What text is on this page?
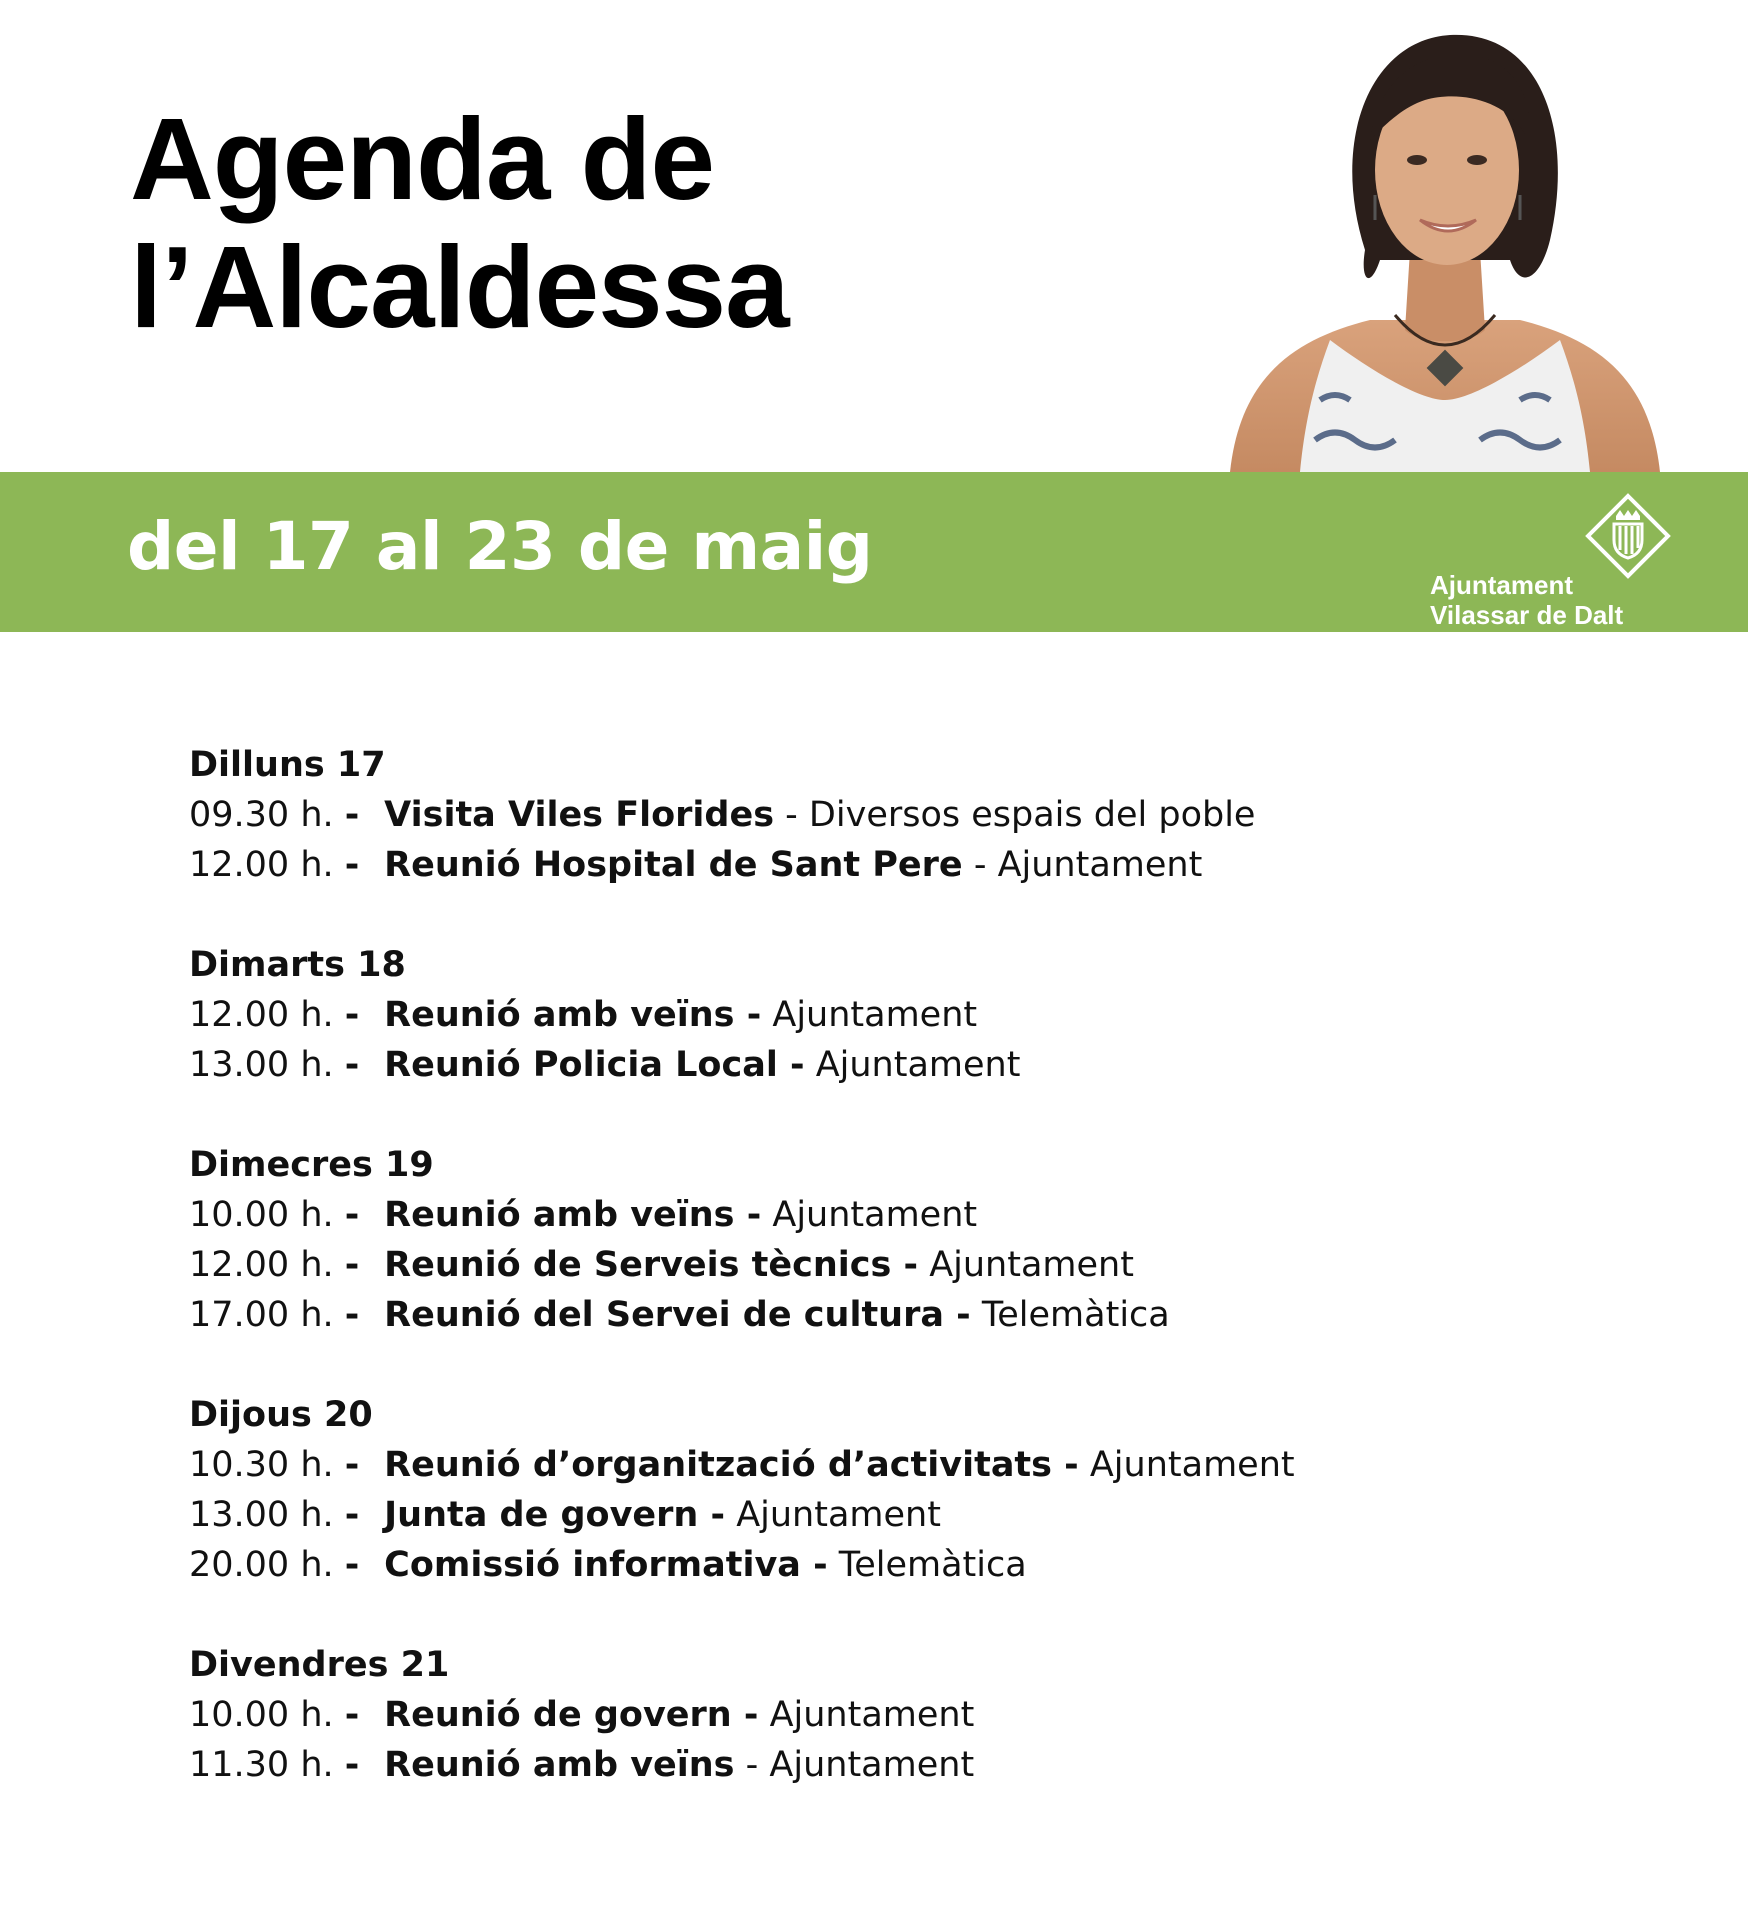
Agenda de
l’Alcaldessa

del 17 al 23 de maig	Ajuntament
Vilassar de Dalt
Dilluns 17
09.30 h. - Visita Viles Florides - Diversos espais del poble
12.00 h. - Reunió Hospital de Sant Pere - Ajuntament
Dimarts 18
12.00 h. - Reunió amb veïns - Ajuntament
13.00 h. - Reunió Policia Local - Ajuntament
Dimecres 19
10.00 h. - Reunió amb veïns - Ajuntament
12.00 h. - Reunió de Serveis tècnics - Ajuntament
17.00 h. - Reunió del Servei de cultura - Telemàtica
Dijous 20
10.30 h. - Reunió d’organització d’activitats - Ajuntament
13.00 h. - Junta de govern - Ajuntament
20.00 h. - Comissió informativa - Telemàtica
Divendres 21
10.00 h. - Reunió de govern - Ajuntament
11.30 h. - Reunió amb veïns - Ajuntament
